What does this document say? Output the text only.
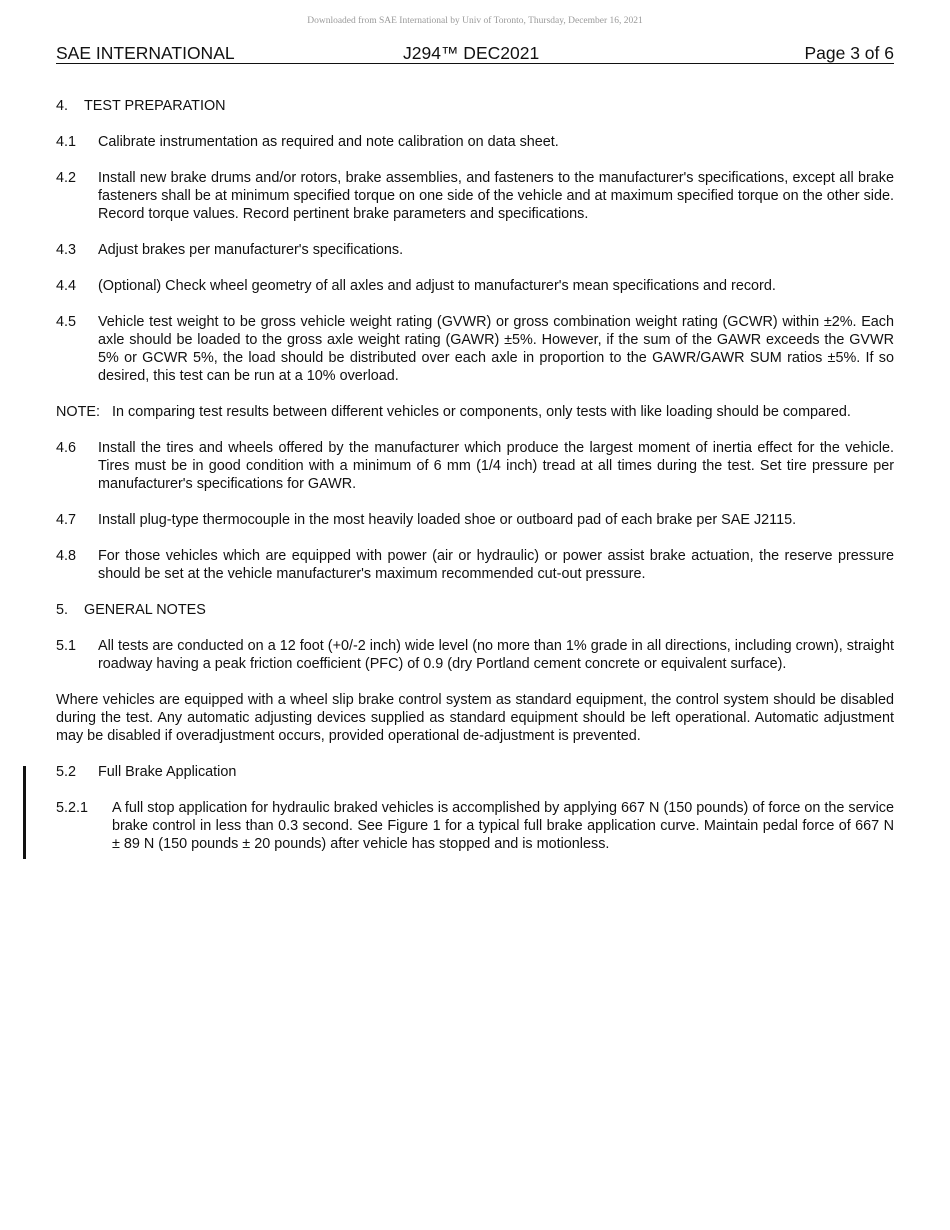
Downloaded from SAE International by Univ of Toronto, Thursday, December 16, 2021
SAE INTERNATIONAL	J294™ DEC2021	Page 3 of 6
4. TEST PREPARATION
4.1	Calibrate instrumentation as required and note calibration on data sheet.
4.2	Install new brake drums and/or rotors, brake assemblies, and fasteners to the manufacturer's specifications, except all brake fasteners shall be at minimum specified torque on one side of the vehicle and at maximum specified torque on the other side. Record torque values. Record pertinent brake parameters and specifications.
4.3	Adjust brakes per manufacturer's specifications.
4.4	(Optional) Check wheel geometry of all axles and adjust to manufacturer's mean specifications and record.
4.5	Vehicle test weight to be gross vehicle weight rating (GVWR) or gross combination weight rating (GCWR) within ±2%. Each axle should be loaded to the gross axle weight rating (GAWR) ±5%. However, if the sum of the GAWR exceeds the GVWR 5% or GCWR 5%, the load should be distributed over each axle in proportion to the GAWR/GAWR SUM ratios ±5%. If so desired, this test can be run at a 10% overload.
NOTE: In comparing test results between different vehicles or components, only tests with like loading should be compared.
4.6	Install the tires and wheels offered by the manufacturer which produce the largest moment of inertia effect for the vehicle. Tires must be in good condition with a minimum of 6 mm (1/4 inch) tread at all times during the test. Set tire pressure per manufacturer's specifications for GAWR.
4.7	Install plug-type thermocouple in the most heavily loaded shoe or outboard pad of each brake per SAE J2115.
4.8	For those vehicles which are equipped with power (air or hydraulic) or power assist brake actuation, the reserve pressure should be set at the vehicle manufacturer's maximum recommended cut-out pressure.
5. GENERAL NOTES
5.1	All tests are conducted on a 12 foot (+0/-2 inch) wide level (no more than 1% grade in all directions, including crown), straight roadway having a peak friction coefficient (PFC) of 0.9 (dry Portland cement concrete or equivalent surface).
Where vehicles are equipped with a wheel slip brake control system as standard equipment, the control system should be disabled during the test. Any automatic adjusting devices supplied as standard equipment should be left operational. Automatic adjustment may be disabled if overadjustment occurs, provided operational de-adjustment is prevented.
5.2	Full Brake Application
5.2.1	A full stop application for hydraulic braked vehicles is accomplished by applying 667 N (150 pounds) of force on the service brake control in less than 0.3 second. See Figure 1 for a typical full brake application curve. Maintain pedal force of 667 N ± 89 N (150 pounds ± 20 pounds) after vehicle has stopped and is motionless.
